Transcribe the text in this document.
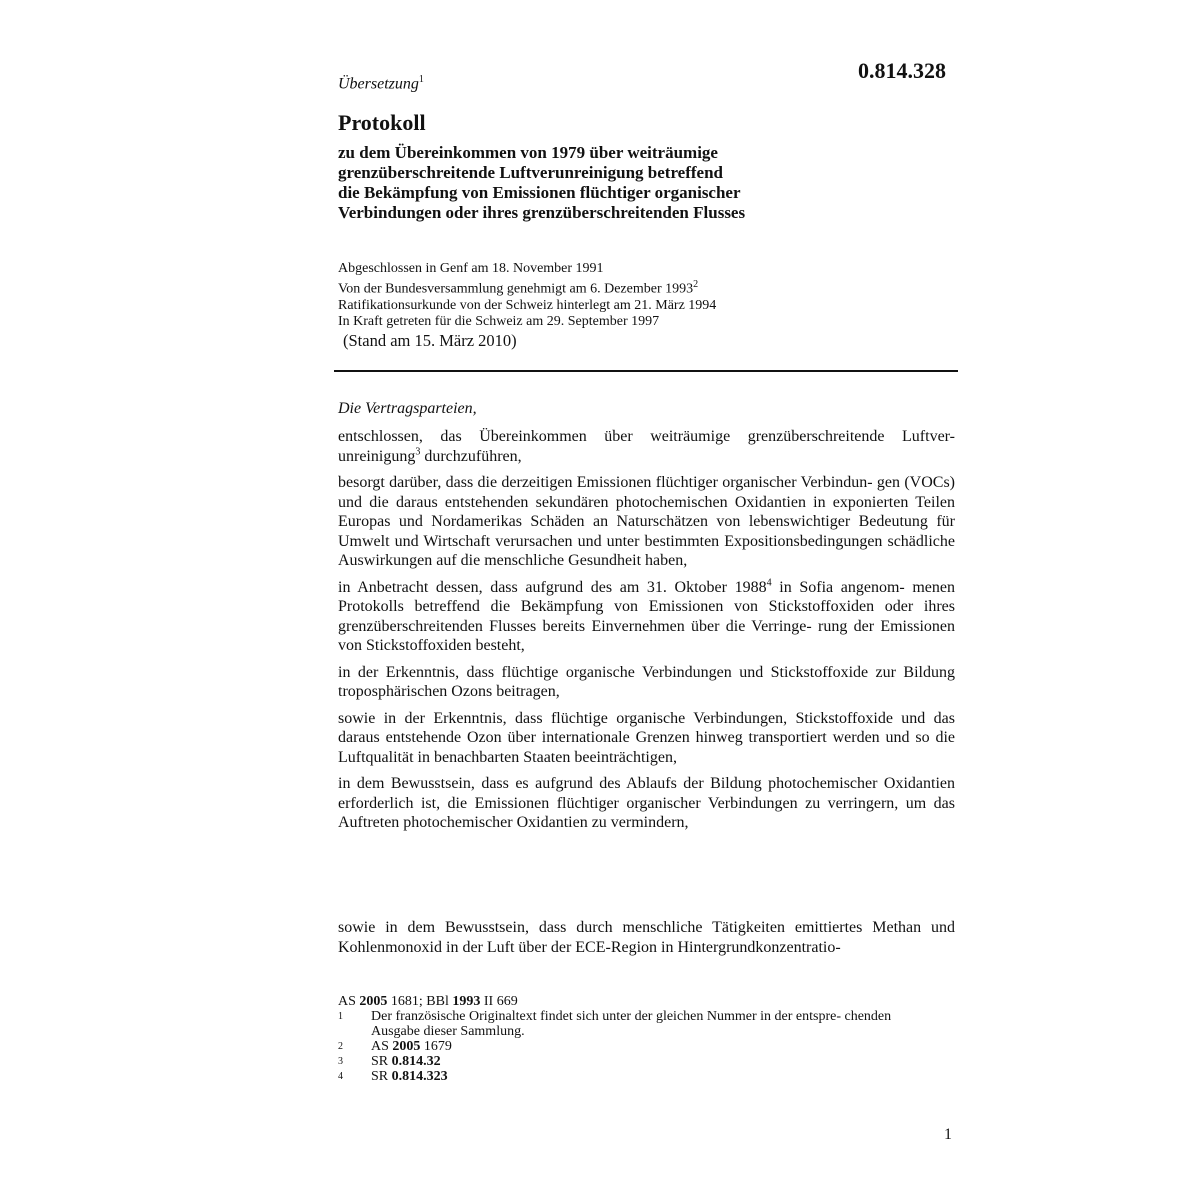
0.814.328
Übersetzung$^1$
Protokoll
zu dem Übereinkommen von 1979 über weiträumige
grenzüberschreitende Luftverunreinigung betreffend
die Bekämpfung von Emissionen flüchtiger organischer
Verbindungen oder ihres grenzüberschreitenden Flusses
Abgeschlossen in Genf am 18. November 1991
Von der Bundesversammlung genehmigt am 6. Dezember 1993$^2$
Ratifikationsurkunde von der Schweiz hinterlegt am 21. März 1994
In Kraft getreten für die Schweiz am 29. September 1997
(Stand am 15. März 2010)
Die Vertragsparteien,

entschlossen, das Übereinkommen über weiträumige grenzüberschreitende Luftver- unreinigung$^3$ durchzuführen,

besorgt darüber, dass die derzeitigen Emissionen flüchtiger organischer Verbindun- gen (VOCs) und die daraus entstehenden sekundären photochemischen Oxidantien in exponierten Teilen Europas und Nordamerikas Schäden an Naturschätzen von lebenswichtiger Bedeutung für Umwelt und Wirtschaft verursachen und unter bestimmten Expositionsbedingungen schädliche Auswirkungen auf die menschliche Gesundheit haben,

in Anbetracht dessen, dass aufgrund des am 31. Oktober 1988$^4$ in Sofia angenom- menen Protokolls betreffend die Bekämpfung von Emissionen von Stickstoffoxiden oder ihres grenzüberschreitenden Flusses bereits Einvernehmen über die Verringe- rung der Emissionen von Stickstoffoxiden besteht,

in der Erkenntnis, dass flüchtige organische Verbindungen und Stickstoffoxide zur Bildung troposphärischen Ozons beitragen,

sowie in der Erkenntnis, dass flüchtige organische Verbindungen, Stickstoffoxide und das daraus entstehende Ozon über internationale Grenzen hinweg transportiert werden und so die Luftqualität in benachbarten Staaten beeinträchtigen,

in dem Bewusstsein, dass es aufgrund des Ablaufs der Bildung photochemischer Oxidantien erforderlich ist, die Emissionen flüchtiger organischer Verbindungen zu verringern, um das Auftreten photochemischer Oxidantien zu vermindern,

sowie in dem Bewusstsein, dass durch menschliche Tätigkeiten emittiertes Methan und Kohlenmonoxid in der Luft über der ECE-Region in Hintergrundkonzentratio-

AS 2005 1681; BBl 1993 II 669
1	Der französische Originaltext findet sich unter der gleichen Nummer in der entspre- chenden Ausgabe dieser Sammlung.
2	AS 2005 1679
3	SR 0.814.32
4	SR 0.814.323
1
